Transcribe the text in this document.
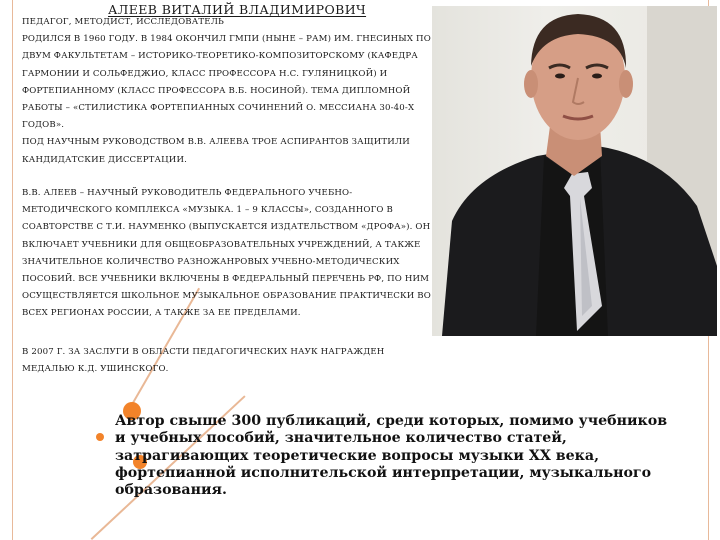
АЛЕЕВ ВИТАЛИЙ ВЛАДИМИРОВИЧ

ПЕДАГОГ, МЕТОДИСТ, ИССЛЕДОВАТЕЛЬ

РОДИЛСЯ В 1960 ГОДУ. В 1984 ОКОНЧИЛ ГМПИ (НЫНЕ – РАМ) ИМ. ГНЕСИНЫХ ПО ДВУМ ФАКУЛЬТЕТАМ – ИСТОРИКО-ТЕОРЕТИКО-КОМПОЗИТОРСКОМУ (КАФЕДРА ГАРМОНИИ И СОЛЬФЕДЖИО, КЛАСС ПРОФЕССОРА Н.С. ГУЛЯНИЦКОЙ) И ФОРТЕПИАННОМУ (КЛАСС ПРОФЕССОРА В.Б. НОСИНОЙ). ТЕМА ДИПЛОМНОЙ РАБОТЫ – «СТИЛИСТИКА ФОРТЕПИАННЫХ СОЧИНЕНИЙ О. МЕССИАНА 30-40-Х ГОДОВ».

ПОД НАУЧНЫМ РУКОВОДСТВОМ В.В. АЛЕЕВА ТРОЕ АСПИРАНТОВ ЗАЩИТИЛИ КАНДИДАТСКИЕ ДИССЕРТАЦИИ.

В.В. АЛЕЕВ – НАУЧНЫЙ РУКОВОДИТЕЛЬ ФЕДЕРАЛЬНОГО УЧЕБНО-МЕТОДИЧЕСКОГО КОМПЛЕКСА «МУЗЫКА. 1 – 9 КЛАССЫ», СОЗДАННОГО В СОАВТОРСТВЕ С Т.И. НАУМЕНКО (ВЫПУСКАЕТСЯ ИЗДАТЕЛЬСТВОМ «ДРОФА»). ОН ВКЛЮЧАЕТ УЧЕБНИКИ ДЛЯ ОБЩЕОБРАЗОВАТЕЛЬНЫХ УЧРЕЖДЕНИЙ, А ТАКЖЕ ЗНАЧИТЕЛЬНОЕ КОЛИЧЕСТВО РАЗНОЖАНРОВЫХ УЧЕБНО-МЕТОДИЧЕСКИХ ПОСОБИЙ. ВСЕ УЧЕБНИКИ ВКЛЮЧЕНЫ В ФЕДЕРАЛЬНЫЙ ПЕРЕЧЕНЬ РФ, ПО НИМ ОСУЩЕСТВЛЯЕТСЯ ШКОЛЬНОЕ МУЗЫКАЛЬНОЕ ОБРАЗОВАНИЕ ПРАКТИЧЕСКИ ВО ВСЕХ РЕГИОНАХ РОССИИ, А ТАКЖЕ ЗА ЕЕ ПРЕДЕЛАМИ.

В 2007 Г. ЗА ЗАСЛУГИ В ОБЛАСТИ ПЕДАГОГИЧЕСКИХ НАУК НАГРАЖДЕН МЕДАЛЬЮ К.Д. УШИНСКОГО.

Автор свыше 300 публикаций, среди которых, помимо учебников и учебных пособий, значительное количество статей, затрагивающих теоретические вопросы музыки XX века, фортепианной исполнительской интерпретации, музыкального образования.
